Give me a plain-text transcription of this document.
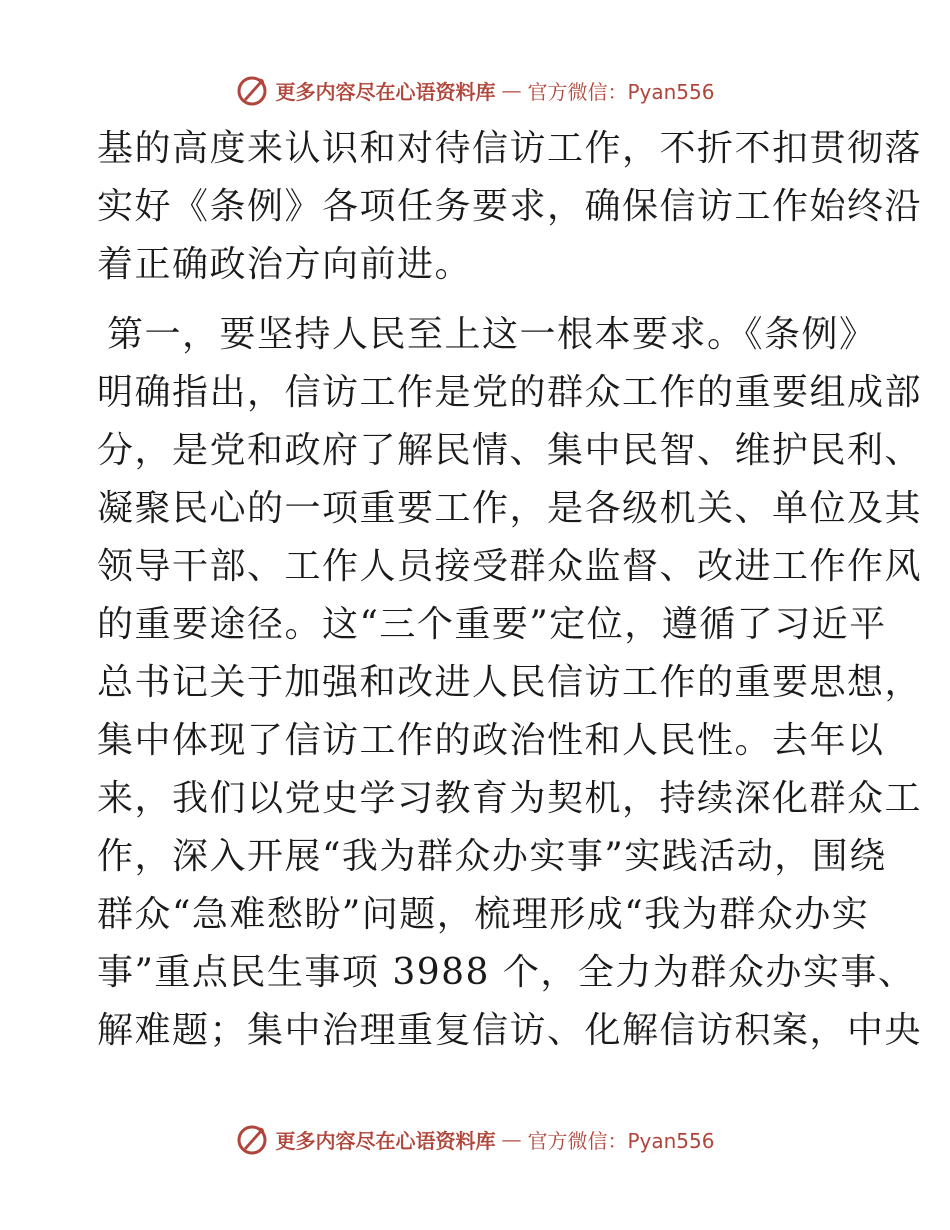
更多内容尽在心语资料库 — 官方微信：Pyan556
基的高度来认识和对待信访工作，不折不扣贯彻落
实好《条例》各项任务要求，确保信访工作始终沿
着正确政治方向前进。
第一，要坚持人民至上这一根本要求。《条例》
明确指出，信访工作是党的群众工作的重要组成部
分，是党和政府了解民情、集中民智、维护民利、
凝聚民心的一项重要工作，是各级机关、单位及其
领导干部、工作人员接受群众监督、改进工作作风
的重要途径。这“三个重要”定位，遵循了习近平
总书记关于加强和改进人民信访工作的重要思想，
集中体现了信访工作的政治性和人民性。去年以
来，我们以党史学习教育为契机，持续深化群众工
作，深入开展“我为群众办实事”实践活动，围绕
群众“急难愁盼”问题，梳理形成“我为群众办实
事”重点民生事项 3988 个，全力为群众办实事、
解难题；集中治理重复信访、化解信访积案，中央
更多内容尽在心语资料库 — 官方微信：Pyan556
